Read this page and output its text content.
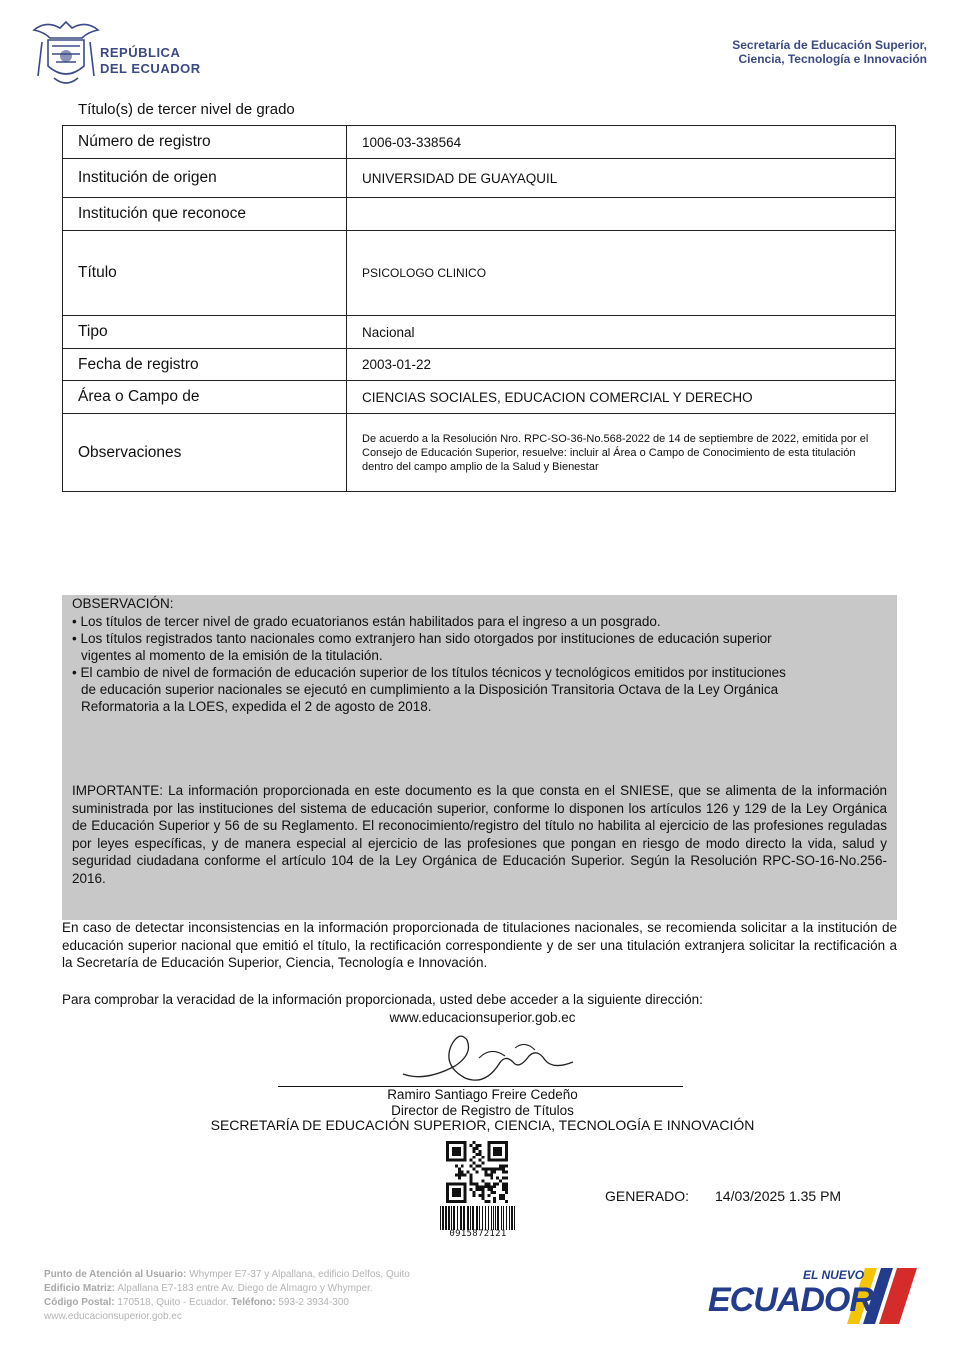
REPÚBLICA
DEL ECUADOR
Secretaría de Educación Superior,
Ciencia, Tecnología e Innovación
Título(s) de tercer nivel de grado
Número de registro	1006-03-338564
Institución de origen	UNIVERSIDAD DE GUAYAQUIL
Institución que reconoce	
Título	PSICOLOGO CLINICO
Tipo	Nacional
Fecha de registro	2003-01-22
Área o Campo de	CIENCIAS SOCIALES, EDUCACION COMERCIAL Y DERECHO
Observaciones	De acuerdo a la Resolución Nro. RPC-SO-36-No.568-2022 de 14 de septiembre de 2022, emitida por el Consejo de Educación Superior, resuelve: incluir al Área o Campo de Conocimiento de esta titulación dentro del campo amplio de la Salud y Bienestar
OBSERVACIÓN:
• Los títulos de tercer nivel de grado ecuatorianos están habilitados para el ingreso a un posgrado.
• Los títulos registrados tanto nacionales como extranjero han sido otorgados por instituciones de educación superior vigentes al momento de la emisión de la titulación.
• El cambio de nivel de formación de educación superior de los títulos técnicos y tecnológicos emitidos por instituciones de educación superior nacionales se ejecutó en cumplimiento a la Disposición Transitoria Octava de la Ley Orgánica Reformatoria a la LOES, expedida el 2 de agosto de 2018.
IMPORTANTE: La información proporcionada en este documento es la que consta en el SNIESE, que se alimenta de la información suministrada por las instituciones del sistema de educación superior, conforme lo disponen los artículos 126 y 129 de la Ley Orgánica de Educación Superior y 56 de su Reglamento. El reconocimiento/registro del título no habilita al ejercicio de las profesiones reguladas por leyes específicas, y de manera especial al ejercicio de las profesiones que pongan en riesgo de modo directo la vida, salud y seguridad ciudadana conforme el artículo 104 de la Ley Orgánica de Educación Superior. Según la Resolución RPC-SO-16-No.256-2016.
En caso de detectar inconsistencias en la información proporcionada de titulaciones nacionales, se recomienda solicitar a la institución de educación superior nacional que emitió el título, la rectificación correspondiente y de ser una titulación extranjera solicitar la rectificación a la Secretaría de Educación Superior, Ciencia, Tecnología e Innovación.
Para comprobar la veracidad de la información proporcionada, usted debe acceder a la siguiente dirección:
www.educacionsuperior.gob.ec
Ramiro Santiago Freire Cedeño
Director de Registro de Títulos
SECRETARÍA DE EDUCACIÓN SUPERIOR, CIENCIA, TECNOLOGÍA E INNOVACIÓN
0915872121
GENERADO: 14/03/2025 1.35 PM
Punto de Atención al Usuario: Whymper E7-37 y Alpallana, edificio Delfos, Quito
Edificio Matriz: Alpallana E7-183 entre Av. Diego de Almagro y Whymper.
Código Postal: 170518, Quito - Ecuador. Teléfono: 593-2 3934-300
www.educacionsuperior.gob.ec
EL NUEVO
ECUADOR
